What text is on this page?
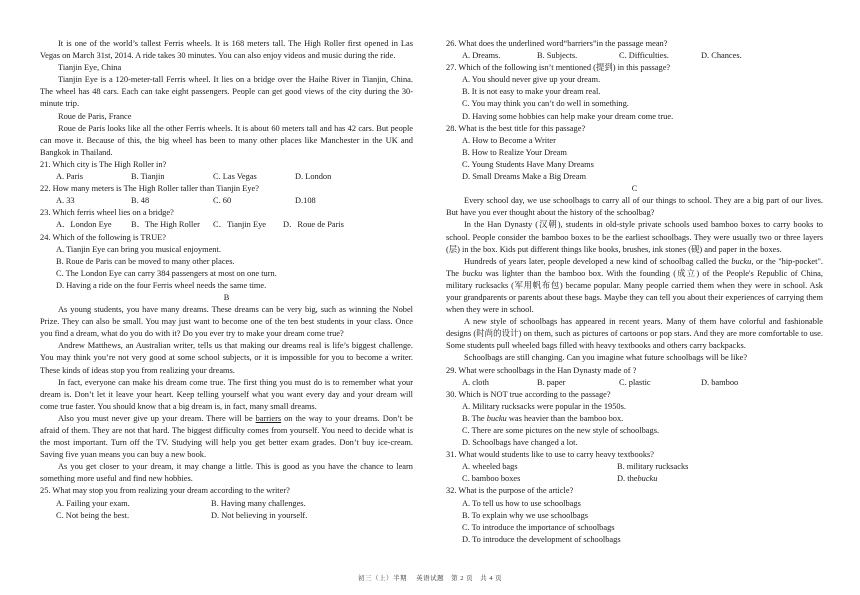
It is one of the world’s tallest Ferris wheels. It is 168 meters tall. The High Roller first opened in Las Vegas on March 31st, 2014. A ride takes 30 minutes. You can also enjoy videos and music during the ride.

Tianjin Eye, China

Tianjin Eye is a 120-meter-tall Ferris wheel. It lies on a bridge over the Haihe River in Tianjin, China. The wheel has 48 cars. Each can take eight passengers. People can get good views of the city during the 30-minute trip.

Roue de Paris, France

Roue de Paris looks like all the other Ferris wheels. It is about 60 meters tall and has 42 cars. But people can move it. Because of this, the big wheel has been to many other places like Manchester in the UK and Bangkok in Thailand.

21. Which city is The High Roller in?

A. Paris	B. Tianjin	C. Las Vegas	D. London

22. How many meters is The High Roller taller than Tianjin Eye?

A. 33	B. 48	C. 60	D.108

23. Which ferris wheel lies on a bridge?

A．London Eye	B．The High Roller	C．Tianjin Eye	D．Roue de Paris

24. Which of the following is TRUE?

A. Tianjin Eye can bring you musical enjoyment.

B. Roue de Paris can be moved to many other places.

C. The London Eye can carry 384 passengers at most on one turn.

D. Having a ride on the four Ferris wheel needs the same time.

B

As young students, you have many dreams. These dreams can be very big, such as winning the Nobel Prize. They can also be small. You may just want to become one of the ten best students in your class. Once you find a dream, what do you do with it? Do you ever try to make your dream come true?

Andrew Matthews, an Australian writer, tells us that making our dreams real is life’s biggest challenge. You may think you’re not very good at some school subjects, or it is impossible for you to become a writer. These kinds of ideas stop you from realizing your dreams.

In fact, everyone can make his dream come true. The first thing you must do is to remember what your dream is. Don’t let it leave your heart. Keep telling yourself what you want every day and your dream will come true faster. You should know that a big dream is, in fact, many small dreams.

Also you must never give up your dream. There will be barriers on the way to your dreams. Don’t be afraid of them. They are not that hard. The biggest difficulty comes from yourself. You need to decide what is the most important. Turn off the TV. Studying will help you get better exam grades. Don’t buy ice-cream. Saving five yuan means you can buy a new book.

As you get closer to your dream, it may change a little. This is good as you have the chance to learn something more useful and find new hobbies.

25. What may stop you from realizing your dream according to the writer?

A. Failing your exam.	B. Having many challenges.
C. Not being the best.	D. Not believing in yourself.

26. What does the underlined word“barriers”in the passage mean?

A. Dreams.	B. Subjects.	C. Difficulties.	D. Chances.

27. Which of the following isn’t mentioned (提到) in this passage?

A. You should never give up your dream.

B. It is not easy to make your dream real.

C. You may think you can’t do well in something.

D. Having some hobbies can help make your dream come true.

28. What is the best title for this passage?

A. How to Become a Writer

B. How to Realize Your Dream

C. Young Students Have Many Dreams

D. Small Dreams Make a Big Dream

C

Every school day, we use schoolbags to carry all of our things to school. They are a big part of our lives. But have you ever thought about the history of the schoolbag?

In the Han Dynasty (汉朝), students in old-style private schools used bamboo boxes to carry books to school. People consider the bamboo boxes to be the earliest schoolbags. They were usually two or three layers (层) in the box. Kids put different things like books, brushes, ink stones (砚) and paper in the boxes.

Hundreds of years later, people developed a new kind of schoolbag called the bucku, or the "hip-pocket". The bucku was lighter than the bamboo box. With the founding (成立) of the People's Republic of China, military rucksacks (军用帆布包) became popular. Many people carried them when they were in school. Ask your grandparents or parents about these bags. Maybe they can tell you about their experiences of carrying them when they were in school.

A new style of schoolbags has appeared in recent years. Many of them have colorful and fashionable designs (时尚的设计) on them, such as pictures of cartoons or pop stars. And they are more comfortable to use. Some students pull wheeled bags filled with heavy textbooks and others carry backpacks.

Schoolbags are still changing. Can you imagine what future schoolbags will be like?

29. What were schoolbags in the Han Dynasty made of ?

A. cloth	B. paper	C. plastic	D. bamboo

30. Which is NOT true according to the passage?

A. Military rucksacks were popular in the 1950s.

B. The bucku was heavier than the bamboo box.

C. There are some pictures on the new style of schoolbags.

D. Schoolbags have changed a lot.

31. What would students like to use to carry heavy textbooks?

A. wheeled bags	B. military rucksacks
C. bamboo boxes	D. thebucku

32. What is the purpose of the article?

A. To tell us how to use schoolbags

B. To explain why we use schoolbags

C. To introduce the importance of schoolbags

D. To introduce the development of schoolbags

初三（上）半期　 英语试题　第 2 页　共 4 页
